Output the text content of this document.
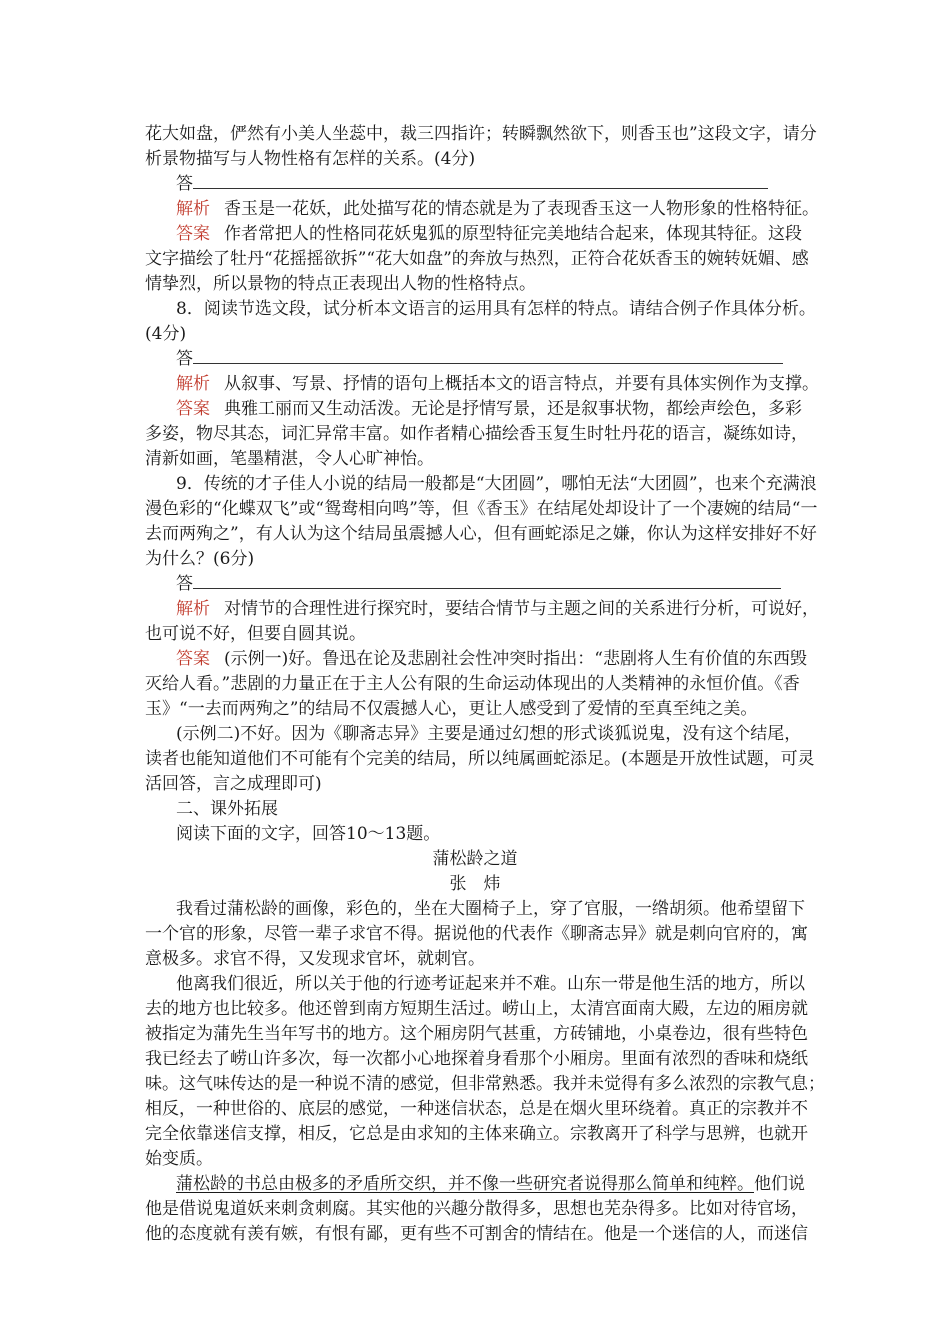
花大如盘，俨然有小美人坐蕊中，裁三四指许；转瞬飘然欲下，则香玉也”这段文字，请分
析景物描写与人物性格有怎样的关系。(4分)
答
解析 香玉是一花妖，此处描写花的情态就是为了表现香玉这一人物形象的性格特征。
答案 作者常把人的性格同花妖鬼狐的原型特征完美地结合起来，体现其特征。这段
文字描绘了牡丹“花摇摇欲拆”“花大如盘”的奔放与热烈，正符合花妖香玉的婉转妩媚、感
情挚烈，所以景物的特点正表现出人物的性格特点。
8．阅读节选文段，试分析本文语言的运用具有怎样的特点。请结合例子作具体分析。
(4分)
答
解析 从叙事、写景、抒情的语句上概括本文的语言特点，并要有具体实例作为支撑。
答案 典雅工丽而又生动活泼。无论是抒情写景，还是叙事状物，都绘声绘色，多彩
多姿，物尽其态，词汇异常丰富。如作者精心描绘香玉复生时牡丹花的语言，凝练如诗，
清新如画，笔墨精湛，令人心旷神怡。
9．传统的才子佳人小说的结局一般都是“大团圆”，哪怕无法“大团圆”，也来个充满浪
漫色彩的“化蝶双飞”或“鸳鸯相向鸣”等，但《香玉》在结尾处却设计了一个凄婉的结局“一
去而两殉之”，有人认为这个结局虽震撼人心，但有画蛇添足之嫌，你认为这样安排好不好
为什么？(6分)
答
解析 对情节的合理性进行探究时，要结合情节与主题之间的关系进行分析，可说好，
也可说不好，但要自圆其说。
答案 (示例一)好。鲁迅在论及悲剧社会性冲突时指出：“悲剧将人生有价值的东西毁
灭给人看。”悲剧的力量正在于主人公有限的生命运动体现出的人类精神的永恒价值。《香
玉》“一去而两殉之”的结局不仅震撼人心，更让人感受到了爱情的至真至纯之美。
(示例二)不好。因为《聊斋志异》主要是通过幻想的形式谈狐说鬼，没有这个结尾，
读者也能知道他们不可能有个完美的结局，所以纯属画蛇添足。(本题是开放性试题，可灵
活回答，言之成理即可)
二、课外拓展
阅读下面的文字，回答10～13题。
蒲松龄之道
张　炜
我看过蒲松龄的画像，彩色的，坐在大圈椅子上，穿了官服，一绺胡须。他希望留下
一个官的形象，尽管一辈子求官不得。据说他的代表作《聊斋志异》就是刺向官府的，寓
意极多。求官不得，又发现求官坏，就刺官。
他离我们很近，所以关于他的行迹考证起来并不难。山东一带是他生活的地方，所以
去的地方也比较多。他还曾到南方短期生活过。崂山上，太清宫面南大殿，左边的厢房就
被指定为蒲先生当年写书的地方。这个厢房阴气甚重，方砖铺地，小桌卷边，很有些特色
我已经去了崂山许多次，每一次都小心地探着身看那个小厢房。里面有浓烈的香味和烧纸
味。这气味传达的是一种说不清的感觉，但非常熟悉。我并未觉得有多么浓烈的宗教气息；
相反，一种世俗的、底层的感觉，一种迷信状态，总是在烟火里环绕着。真正的宗教并不
完全依靠迷信支撑，相反，它总是由求知的主体来确立。宗教离开了科学与思辨，也就开
始变质。
蒲松龄的书总由极多的矛盾所交织，并不像一些研究者说得那么简单和纯粹。他们说
他是借说鬼道妖来刺贪刺腐。其实他的兴趣分散得多，思想也芜杂得多。比如对待官场，
他的态度就有羡有嫉，有恨有鄙，更有些不可割舍的情结在。他是一个迷信的人，而迷信
